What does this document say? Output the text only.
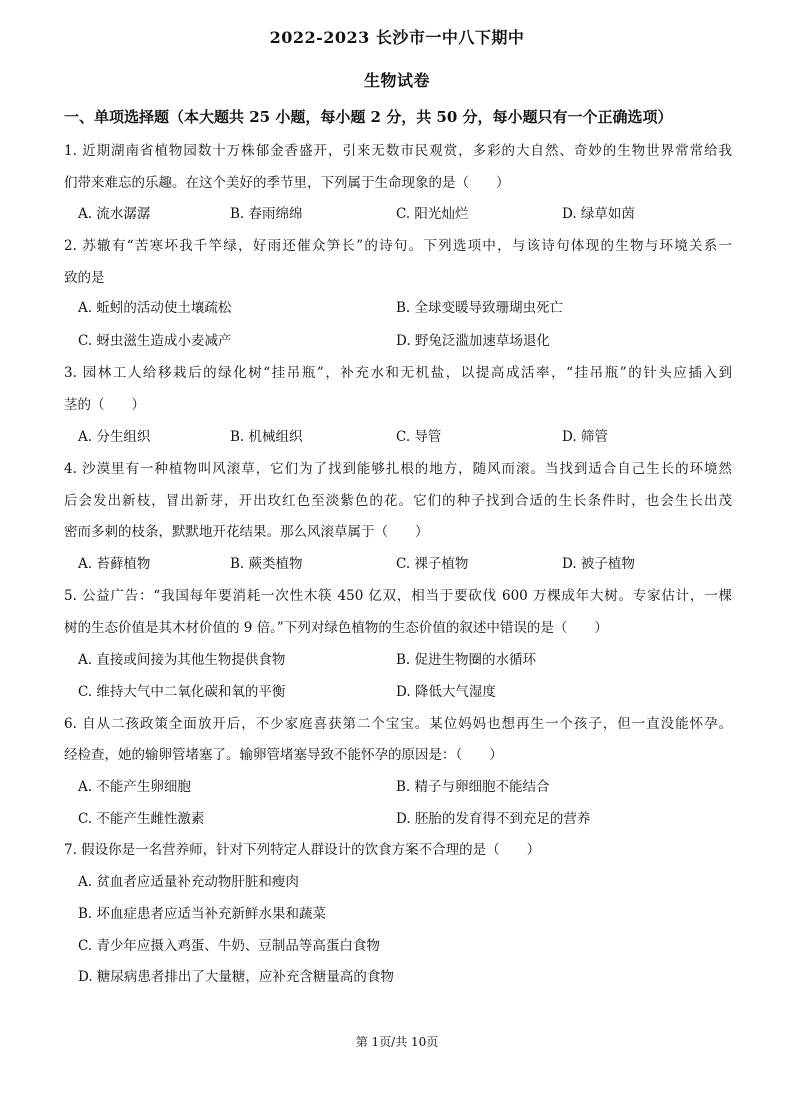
2022-2023 长沙市一中八下期中
生物试卷
一、单项选择题（本大题共 25 小题，每小题 2 分，共 50 分，每小题只有一个正确选项）
1. 近期湖南省植物园数十万株郁金香盛开，引来无数市民观赏，多彩的大自然、奇妙的生物世界常常给我
们带来难忘的乐趣。在这个美好的季节里，下列属于生命现象的是（　　）
A. 流水潺潺	B. 春雨绵绵	C. 阳光灿烂	D. 绿草如茵
2. 苏辙有“苦寒坏我千竿绿，好雨还催众笋长”的诗句。下列选项中，与该诗句体现的生物与环境关系一
致的是
A. 蚯蚓的活动使土壤疏松	B. 全球变暖导致珊瑚虫死亡
C. 蚜虫滋生造成小麦减产	D. 野兔泛滥加速草场退化
3. 园林工人给移栽后的绿化树“挂吊瓶”，补充水和无机盐，以提高成活率，“挂吊瓶”的针头应插入到
茎的（　　）
A. 分生组织	B. 机械组织	C. 导管	D. 筛管
4. 沙漠里有一种植物叫风滚草，它们为了找到能够扎根的地方，随风而滚。当找到适合自己生长的环境然
后会发出新枝，冒出新芽，开出玫红色至淡紫色的花。它们的种子找到合适的生长条件时，也会生长出茂
密而多刺的枝条，默默地开花结果。那么风滚草属于（　　）
A. 苔藓植物	B. 蕨类植物	C. 裸子植物	D. 被子植物
5. 公益广告：“我国每年要消耗一次性木筷 450 亿双，相当于要砍伐 600 万棵成年大树。专家估计，一棵
树的生态价值是其木材价值的 9 倍。”下列对绿色植物的生态价值的叙述中错误的是（　　）
A. 直接或间接为其他生物提供食物	B. 促进生物圈的水循环
C. 维持大气中二氧化碳和氧的平衡	D. 降低大气湿度
6. 自从二孩政策全面放开后，不少家庭喜获第二个宝宝。某位妈妈也想再生一个孩子，但一直没能怀孕。
经检查，她的输卵管堵塞了。输卵管堵塞导致不能怀孕的原因是：（　　）
A. 不能产生卵细胞	B. 精子与卵细胞不能结合
C. 不能产生雌性激素	D. 胚胎的发育得不到充足的营养
7. 假设你是一名营养师，针对下列特定人群设计的饮食方案不合理的是（　　）
A. 贫血者应适量补充动物肝脏和瘦肉
B. 坏血症患者应适当补充新鲜水果和蔬菜
C. 青少年应摄入鸡蛋、牛奶、豆制品等高蛋白食物
D. 糖尿病患者排出了大量糖，应补充含糖量高的食物
第 1页/共 10页
